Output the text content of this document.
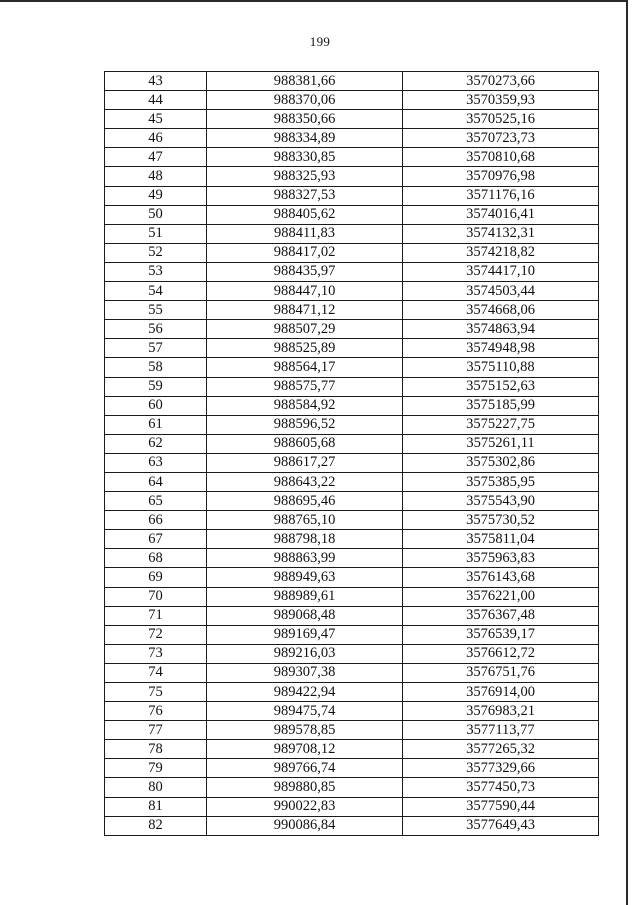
199
43	988381,66	3570273,66
44	988370,06	3570359,93
45	988350,66	3570525,16
46	988334,89	3570723,73
47	988330,85	3570810,68
48	988325,93	3570976,98
49	988327,53	3571176,16
50	988405,62	3574016,41
51	988411,83	3574132,31
52	988417,02	3574218,82
53	988435,97	3574417,10
54	988447,10	3574503,44
55	988471,12	3574668,06
56	988507,29	3574863,94
57	988525,89	3574948,98
58	988564,17	3575110,88
59	988575,77	3575152,63
60	988584,92	3575185,99
61	988596,52	3575227,75
62	988605,68	3575261,11
63	988617,27	3575302,86
64	988643,22	3575385,95
65	988695,46	3575543,90
66	988765,10	3575730,52
67	988798,18	3575811,04
68	988863,99	3575963,83
69	988949,63	3576143,68
70	988989,61	3576221,00
71	989068,48	3576367,48
72	989169,47	3576539,17
73	989216,03	3576612,72
74	989307,38	3576751,76
75	989422,94	3576914,00
76	989475,74	3576983,21
77	989578,85	3577113,77
78	989708,12	3577265,32
79	989766,74	3577329,66
80	989880,85	3577450,73
81	990022,83	3577590,44
82	990086,84	3577649,43
